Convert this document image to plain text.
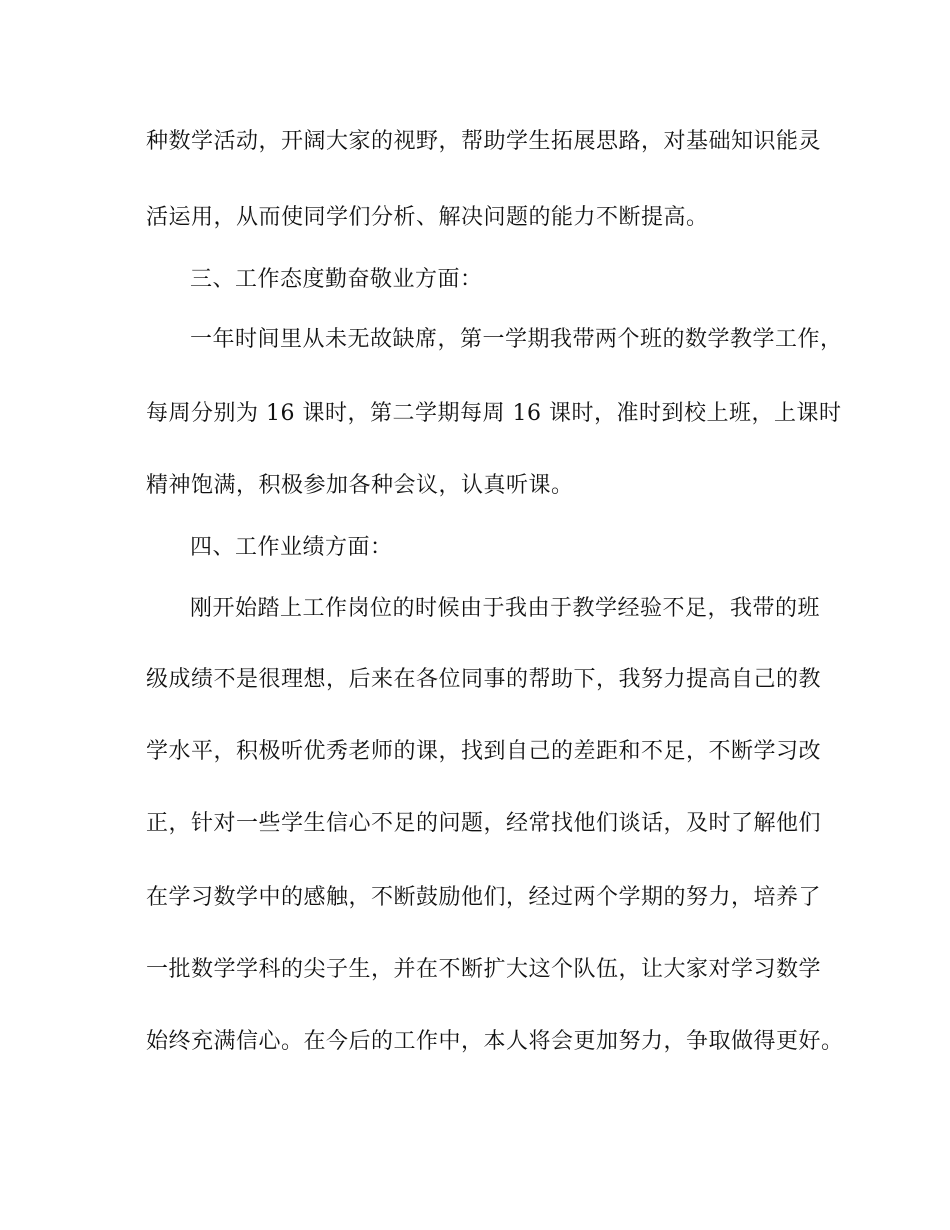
种数学活动，开阔大家的视野，帮助学生拓展思路，对基础知识能灵
活运用，从而使同学们分析、解决问题的能力不断提高。
三、工作态度勤奋敬业方面：
一年时间里从未无故缺席，第一学期我带两个班的数学教学工作，
每周分别为 16 课时，第二学期每周 16 课时，准时到校上班，上课时
精神饱满，积极参加各种会议，认真听课。
四、工作业绩方面：
刚开始踏上工作岗位的时候由于我由于教学经验不足，我带的班
级成绩不是很理想，后来在各位同事的帮助下，我努力提高自己的教
学水平，积极听优秀老师的课，找到自己的差距和不足，不断学习改
正，针对一些学生信心不足的问题，经常找他们谈话，及时了解他们
在学习数学中的感触，不断鼓励他们，经过两个学期的努力，培养了
一批数学学科的尖子生，并在不断扩大这个队伍，让大家对学习数学
始终充满信心。在今后的工作中，本人将会更加努力，争取做得更好。
